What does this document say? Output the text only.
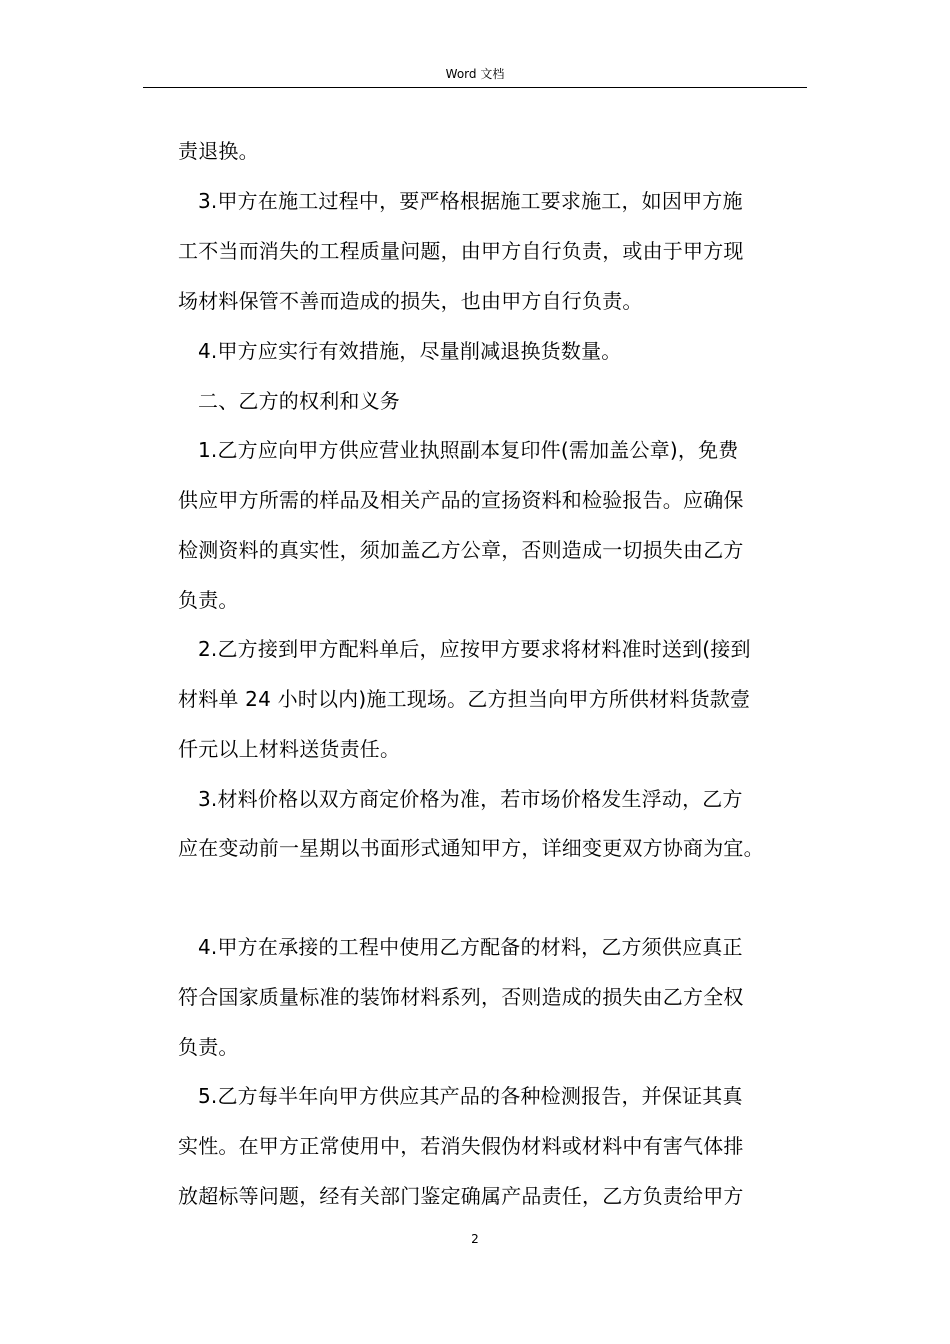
Word 文档
责退换。
3.甲方在施工过程中，要严格根据施工要求施工，如因甲方施
工不当而消失的工程质量问题，由甲方自行负责，或由于甲方现
场材料保管不善而造成的损失，也由甲方自行负责。
4.甲方应实行有效措施，尽量削减退换货数量。
二、乙方的权利和义务
1.乙方应向甲方供应营业执照副本复印件(需加盖公章)，免费
供应甲方所需的样品及相关产品的宣扬资料和检验报告。应确保
检测资料的真实性，须加盖乙方公章，否则造成一切损失由乙方
负责。
2.乙方接到甲方配料单后，应按甲方要求将材料准时送到(接到
材料单 24 小时以内)施工现场。乙方担当向甲方所供材料货款壹
仟元以上材料送货责任。
3.材料价格以双方商定价格为准，若市场价格发生浮动，乙方
应在变动前一星期以书面形式通知甲方，详细变更双方协商为宜。
4.甲方在承接的工程中使用乙方配备的材料，乙方须供应真正
符合国家质量标准的装饰材料系列，否则造成的损失由乙方全权
负责。
5.乙方每半年向甲方供应其产品的各种检测报告，并保证其真
实性。在甲方正常使用中，若消失假伪材料或材料中有害气体排
放超标等问题，经有关部门鉴定确属产品责任，乙方负责给甲方
2
